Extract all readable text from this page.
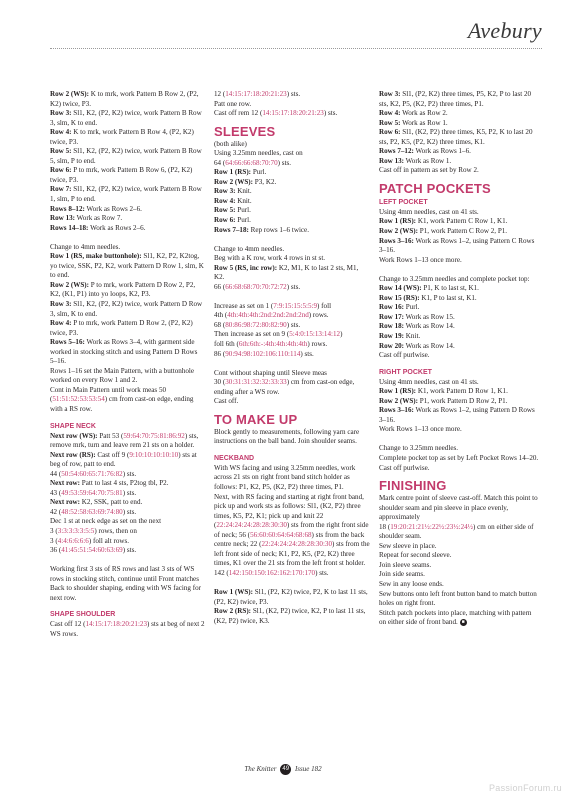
Avebury

Row 2 (WS): K to mrk, work Pattern B Row 2, (P2, K2) twice, P3.

Row 3: Sl1, K2, (P2, K2) twice, work Pattern B Row 3, slm, K to end.

Row 4: K to mrk, work Pattern B Row 4, (P2, K2) twice, P3.

Row 5: Sl1, K2, (P2, K2) twice, work Pattern B Row 5, slm, P to end.

Row 6: P to mrk, work Pattern B Row 6, (P2, K2) twice, P3.

Row 7: Sl1, K2, (P2, K2) twice, work Pattern B Row 1, slm, P to end.

Rows 8–12: Work as Rows 2–6.

Row 13: Work as Row 7.

Rows 14–18: Work as Rows 2–6.

Change to 4mm needles.

Row 1 (RS, make buttonhole): Sl1, K2, P2, K2tog, yo twice, SSK, P2, K2, work Pattern D Row 1, slm, K to end.

Row 2 (WS): P to mrk, work Pattern D Row 2, P2, K2, (K1, P1) into yo loops, K2, P3.

Row 3: Sl1, K2, (P2, K2) twice, work Pattern D Row 3, slm, K to end.

Row 4: P to mrk, work Pattern D Row 2, (P2, K2) twice, P3.

Rows 5–16: Work as Rows 3–4, with garment side worked in stocking stitch and using Pattern D Rows 5–16.

Rows 1–16 set the Main Pattern, with a buttonhole worked on every Row 1 and 2.

Cont in Main Pattern until work meas 50 (51:51:52:53:53:54) cm from cast-on edge, ending with a RS row.

SHAPE NECK

Next row (WS): Patt 53 (59:64:70:75:81:86:92) sts, remove mrk, turn and leave rem 21 sts on a holder.

Next row (RS): Cast off 9 (9:10:10:10:10:10) sts at beg of row, patt to end.

44 (50:54:60:65:71:76:82) sts.

Next row: Patt to last 4 sts, P2tog tbl, P2.

43 (49:53:59:64:70:75:81) sts.

Next row: K2, SSK, patt to end.

42 (48:52:58:63:69:74:80) sts.

Dec 1 st at neck edge as set on the next

3 (3:3:3:3:3:5:5) rows, then on

3 (4:4:6:6:6:6) foll alt rows.

36 (41:45:51:54:60:63:69) sts.

Working first 3 sts of RS rows and last 3 sts of WS rows in stocking stitch, continue until Front matches Back to shoulder shaping, ending with WS facing for next row.

SHAPE SHOULDER

Cast off 12 (14:15:17:18:20:21:23) sts at beg of next 2 WS rows.

12 (14:15:17:18:20:21:23) sts.

Patt one row.

Cast off rem 12 (14:15:17:18:20:21:23) sts.

SLEEVES

(both alike)

Using 3.25mm needles, cast on

64 (64:66:66:68:70:70) sts.

Row 1 (RS): Purl.

Row 2 (WS): P3, K2.

Row 3: Knit.

Row 4: Knit.

Row 5: Purl.

Row 6: Purl.

Rows 7–18: Rep rows 1–6 twice.

Change to 4mm needles.

Beg with a K row, work 4 rows in st st.

Row 5 (RS, inc row): K2, M1, K to last 2 sts, M1, K2.

66 (66:68:68:70:70:72:72) sts.

Increase as set on 1 (7:9:15:15:5:5:9) foll

4th (4th:4th:4th:2nd:2nd:2nd:2nd) rows.

68 (80:86:98:72:80:82:90) sts.

Then increase as set on 9 (5:4:0:15:13:14:12)

foll 6th (6th:6th:-:4th:4th:4th:4th) rows.

86 (90:94:98:102:106:110:114) sts.

Cont without shaping until Sleeve meas

30 (30:31:31:32:32:33:33) cm from cast-on edge, ending after a WS row.

Cast off.

TO MAKE UP

Block gently to measurements, following yarn care instructions on the ball band. Join shoulder seams.

NECKBAND

With WS facing and using 3.25mm needles, work across 21 sts on right front band stitch holder as follows: P1, K2, P5, (K2, P2) three times, P1.

Next, with RS facing and starting at right front band, pick up and work sts as follows: Sl1, (K2, P2) three times, K5, P2, K1; pick up and knit 22 (22:24:24:24:28:28:30:30) sts from the right front side of neck; 56 (56:60:60:64:64:68:68) sts from the back centre neck; 22 (22:24:24:24:28:28:30:30) sts from the left front side of neck; K1, P2, K5, (P2, K2) three times, K1 over the 21 sts from the left front st holder.

142 (142:150:150:162:162:170:170) sts.

Row 1 (WS): Sl1, (P2, K2) twice, P2, K to last 11 sts, (P2, K2) twice, P3.

Row 2 (RS): Sl1, (K2, P2) twice, K2, P to last 11 sts, (K2, P2) twice, K3.

Row 3: Sl1, (P2, K2) three times, P5, K2, P to last 20 sts, K2, P5, (K2, P2) three times, P1.

Row 4: Work as Row 2.

Row 5: Work as Row 1.

Row 6: Sl1, (K2, P2) three times, K5, P2, K to last 20 sts, P2, K5, (P2, K2) three times, K1.

Rows 7–12: Work as Rows 1–6.

Row 13: Work as Row 1.

Cast off in pattern as set by Row 2.

PATCH POCKETS
LEFT POCKET

Using 4mm needles, cast on 41 sts.

Row 1 (RS): K1, work Pattern C Row 1, K1.

Row 2 (WS): P1, work Pattern C Row 2, P1.

Rows 3–16: Work as Rows 1–2, using Pattern C Rows 3–16.

Work Rows 1–13 once more.

Change to 3.25mm needles and complete pocket top:

Row 14 (WS): P1, K to last st, K1.

Row 15 (RS): K1, P to last st, K1.

Row 16: Purl.

Row 17: Work as Row 15.

Row 18: Work as Row 14.

Row 19: Knit.

Row 20: Work as Row 14.

Cast off purlwise.

RIGHT POCKET

Using 4mm needles, cast on 41 sts.

Row 1 (RS): K1, work Pattern D Row 1, K1.

Row 2 (WS): P1, work Pattern D Row 2, P1.

Rows 3–16: Work as Rows 1–2, using Pattern D Rows 3–16.

Work Rows 1–13 once more.

Change to 3.25mm needles.

Complete pocket top as set by Left Pocket Rows 14–20.

Cast off purlwise.

FINISHING

Mark centre point of sleeve cast-off. Match this point to shoulder seam and pin sleeve in place evenly, approximately

18 (19:20:21:21½:22½:23½:24½) cm on either side of shoulder seam.

Sew sleeve in place.

Repeat for second sleeve.

Join sleeve seams.

Join side seams.

Sew in any loose ends.

Sew buttons onto left front button band to match button holes on right front.

Stitch patch pockets into place, matching with pattern on either side of front band. ■

The Knitter 49 Issue 182
PassionForum.ru
